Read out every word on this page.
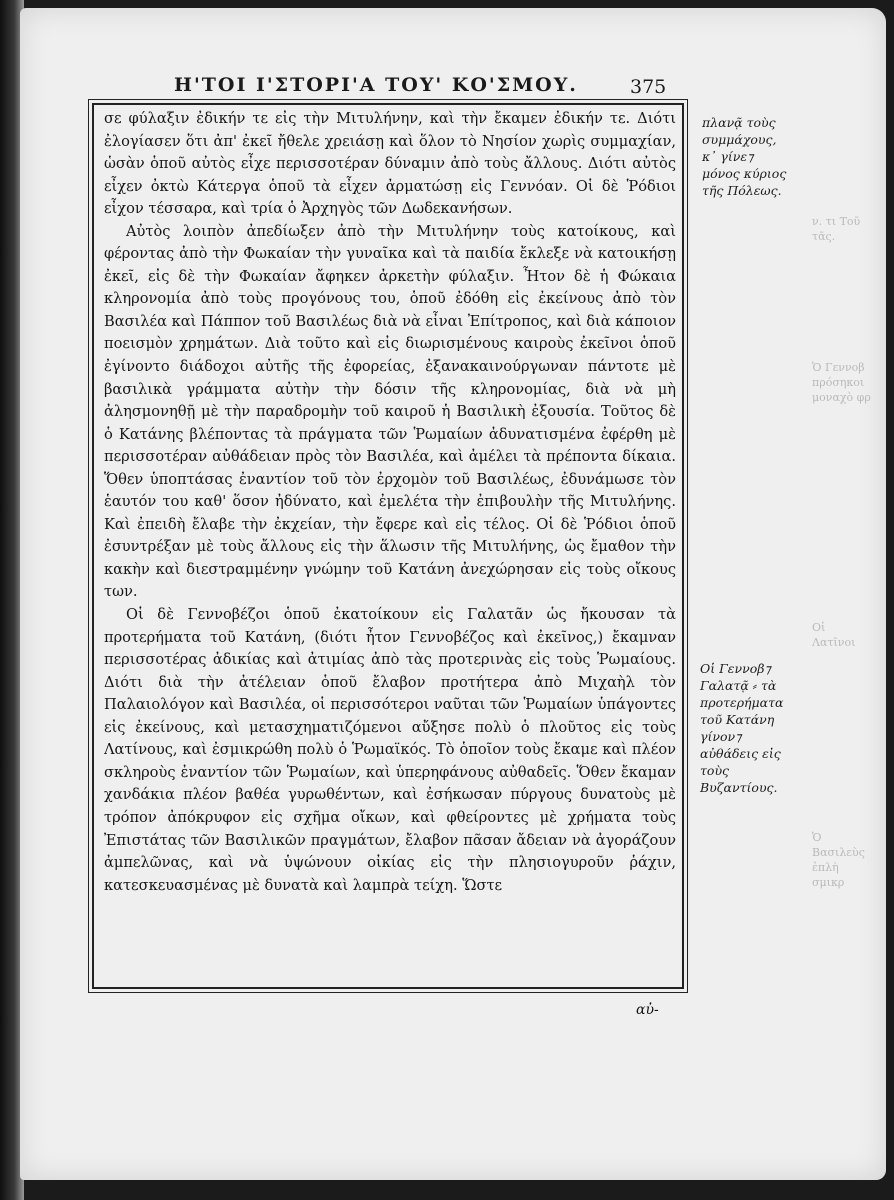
Η'ΤΟΙ Ι'ΣΤΟΡΙ'Α ΤΟΥ' ΚΟ'ΣΜΟΥ.	375
ν. τι Τοῦ τᾶς.
Ὁ Γεννοβ πρόσηκοι μοναχὸ φρ
Οἱ Λατῖνοι
Ὁ Βασιλεὺς ἐπλὴ σμικρ

σε φύλαξιν ἐδικήν τε εἰς τὴν Μιτυλήνην, καὶ τὴν ἔκαμεν ἐδικήν τε. Διότι ἐλογίασεν ὅτι ἀπ' ἐκεῖ ἤθελε χρειάσῃ καὶ ὅλον τὸ Νησίον χωρὶς συμμαχίαν, ὡσὰν ὁποῦ αὐτὸς εἶχε περισσοτέραν δύναμιν ἀπὸ τοὺς ἄλλους. Διότι αὐτὸς εἶχεν ὀκτὼ Κάτεργα ὁποῦ τὰ εἶχεν ἀρματώσῃ εἰς Γεννόαν. Οἱ δὲ Ῥόδιοι εἶχον τέσσαρα, καὶ τρία ὁ Ἀρχηγὸς τῶν Δωδεκανήσων.

Αὐτὸς λοιπὸν ἀπεδίωξεν ἀπὸ τὴν Μιτυλήνην τοὺς κατοίκους, καὶ φέροντας ἀπὸ τὴν Φωκαίαν τὴν γυναῖκα καὶ τὰ παιδία ἔκλεξε νὰ κατοικήσῃ ἐκεῖ, εἰς δὲ τὴν Φωκαίαν ἄφηκεν ἀρκετὴν φύλαξιν. Ἦτον δὲ ἡ Φώκαια κληρονομία ἀπὸ τοὺς προγόνους του, ὁποῦ ἐδόθη εἰς ἐκείνους ἀπὸ τὸν Βασιλέα καὶ Πάππον τοῦ Βασιλέως διὰ νὰ εἶναι Ἐπίτροπος, καὶ διὰ κάποιον ποεισμὸν χρημάτων. Διὰ τοῦτο καὶ εἰς διωρισμένους καιροὺς ἐκεῖνοι ὁποῦ ἐγίνοντο διάδοχοι αὐτῆς τῆς ἐφορείας, ἐξανακαινούργωναν πάντοτε μὲ βασιλικὰ γράμματα αὐτὴν τὴν δόσιν τῆς κληρονομίας, διὰ νὰ μὴ ἀλησμονηθῇ μὲ τὴν παραδρομὴν τοῦ καιροῦ ἡ Βασιλικὴ ἐξουσία. Τοῦτος δὲ ὁ Κατάνης βλέποντας τὰ πράγματα τῶν Ῥωμαίων ἀδυνατισμένα ἐφέρθη μὲ περισσοτέραν αὐθάδειαν πρὸς τὸν Βασιλέα, καὶ ἀμέλει τὰ πρέποντα δίκαια. Ὅθεν ὑποπτάσας ἐναντίον τοῦ τὸν ἐρχομὸν τοῦ Βασιλέως, ἐδυνάμωσε τὸν ἑαυτόν του καθ' ὅσον ἠδύνατο, καὶ ἐμελέτα τὴν ἐπιβουλὴν τῆς Μιτυλήνης. Καὶ ἐπειδὴ ἔλαβε τὴν ἐκχείαν, τὴν ἔφερε καὶ εἰς τέλος. Οἱ δὲ Ῥόδιοι ὁποῦ ἐσυντρέξαν μὲ τοὺς ἄλλους εἰς τὴν ἅλωσιν τῆς Μιτυλήνης, ὡς ἔμαθον τὴν κακὴν καὶ διεστραμμένην γνώμην τοῦ Κατάνη ἀνεχώρησαν εἰς τοὺς οἴκους των.

Οἱ δὲ Γεννοβέζοι ὁποῦ ἐκατοίκουν εἰς Γαλατᾶν ὡς ἤκουσαν τὰ προτερήματα τοῦ Κατάνη, (διότι ἦτον Γεννοβέζος καὶ ἐκεῖνος,) ἔκαμναν περισσοτέρας ἀδικίας καὶ ἀτιμίας ἀπὸ τὰς προτερινὰς εἰς τοὺς Ῥωμαίους. Διότι διὰ τὴν ἀτέλειαν ὁποῦ ἔλαβον προτήτερα ἀπὸ Μιχαὴλ τὸν Παλαιολόγον καὶ Βασιλέα, οἱ περισσότεροι ναῦται τῶν Ῥωμαίων ὑπάγοντες εἰς ἐκείνους, καὶ μετασχηματιζόμενοι αὔξησε πολὺ ὁ πλοῦτος εἰς τοὺς Λατίνους, καὶ ἐσμικρώθη πολὺ ὁ Ῥωμαϊκός. Τὸ ὁποῖον τοὺς ἔκαμε καὶ πλέον σκληροὺς ἐναντίον τῶν Ῥωμαίων, καὶ ὑπερηφάνους αὐθαδεῖς. Ὅθεν ἔκαμαν χανδάκια πλέον βαθέα γυρωθέντων, καὶ ἐσήκωσαν πύργους δυνατοὺς μὲ τρόπον ἀπόκρυφον εἰς σχῆμα οἴκων, καὶ φθείροντες μὲ χρήματα τοὺς Ἐπιστάτας τῶν Βασιλικῶν πραγμάτων, ἔλαβον πᾶσαν ἄδειαν νὰ ἀγοράζουν ἀμπελῶνας, καὶ νὰ ὑψώνουν οἰκίας εἰς τὴν πλησιογυροῦν ῥάχιν, κατεσκευασμένας μὲ δυνατὰ καὶ λαμπρὰ τείχη. Ὥστε

πλανᾷ τοὺς συμμάχους, κ᾽ γίνε⁊ μόνος κύριος τῆς Πόλεως.
Οἱ Γεννοβ⁊ Γαλατᾷ ⸗ τὰ προτερήματα τοῦ Κατάνη γίνον⁊ αὐθάδεις εἰς τοὺς Βυζαντίους.
αὐ-
